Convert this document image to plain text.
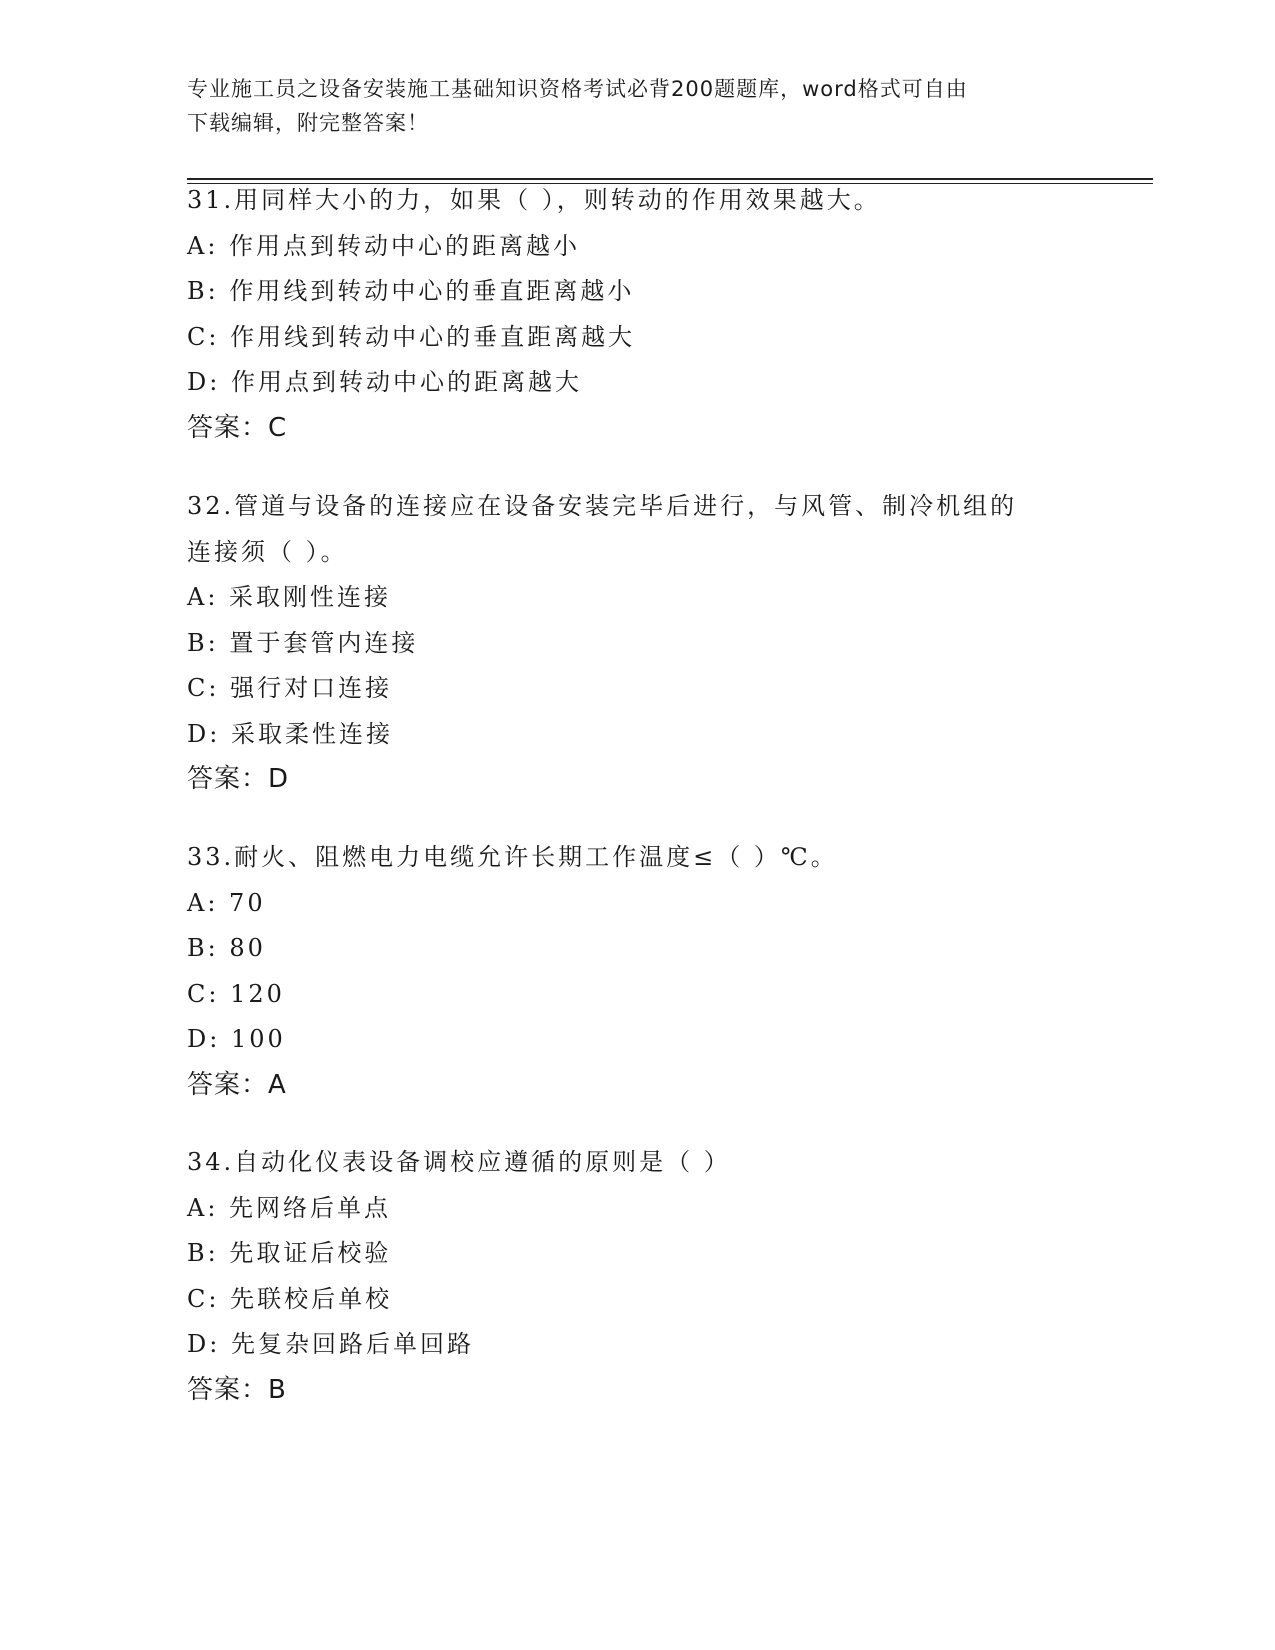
专业施工员之设备安装施工基础知识资格考试必背200题题库，word格式可自由
下载编辑，附完整答案！
31.用同样大小的力，如果（ ），则转动的作用效果越大。
A: 作用点到转动中心的距离越小
B: 作用线到转动中心的垂直距离越小
C: 作用线到转动中心的垂直距离越大
D: 作用点到转动中心的距离越大
答案：C
32.管道与设备的连接应在设备安装完毕后进行，与风管、制冷机组的
连接须（ ）。
A: 采取刚性连接
B: 置于套管内连接
C: 强行对口连接
D: 采取柔性连接
答案：D
33.耐火、阻燃电力电缆允许长期工作温度≤（ ）℃。
A: 70
B: 80
C: 120
D: 100
答案：A
34.自动化仪表设备调校应遵循的原则是（ ）
A: 先网络后单点
B: 先取证后校验
C: 先联校后单校
D: 先复杂回路后单回路
答案：B
